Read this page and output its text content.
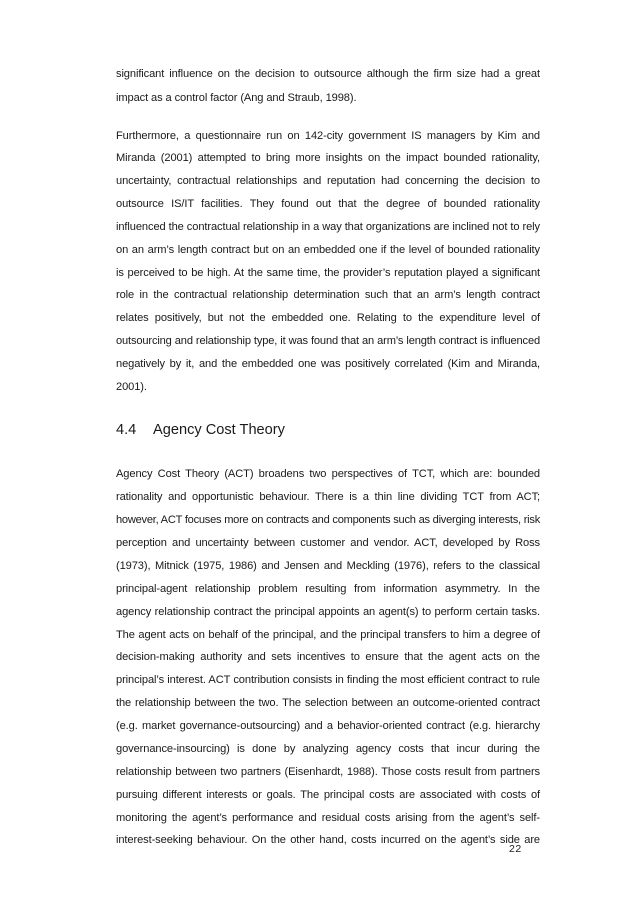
significant influence on the decision to outsource although the firm size had a great
impact as a control factor (Ang and Straub, 1998).
Furthermore, a questionnaire run on 142-city government IS managers by Kim and
Miranda (2001) attempted to bring more insights on the impact bounded rationality,
uncertainty, contractual relationships and reputation had concerning the decision to
outsource IS/IT facilities. They found out that the degree of bounded rationality
influenced the contractual relationship in a way that organizations are inclined not to rely
on an arm’s length contract but on an embedded one if the level of bounded rationality
is perceived to be high. At the same time, the provider’s reputation played a significant
role in the contractual relationship determination such that an arm’s length contract
relates positively, but not the embedded one. Relating to the expenditure level of
outsourcing and relationship type, it was found that an arm’s length contract is influenced
negatively by it, and the embedded one was positively correlated (Kim and Miranda,
2001).
4.4 Agency Cost Theory
Agency Cost Theory (ACT) broadens two perspectives of TCT, which are: bounded
rationality and opportunistic behaviour. There is a thin line dividing TCT from ACT;
however, ACT focuses more on contracts and components such as diverging interests, risk
perception and uncertainty between customer and vendor. ACT, developed by Ross
(1973), Mitnick (1975, 1986) and Jensen and Meckling (1976), refers to the classical
principal-agent relationship problem resulting from information asymmetry. In the
agency relationship contract the principal appoints an agent(s) to perform certain tasks.
The agent acts on behalf of the principal, and the principal transfers to him a degree of
decision-making authority and sets incentives to ensure that the agent acts on the
principal’s interest. ACT contribution consists in finding the most efficient contract to rule
the relationship between the two. The selection between an outcome-oriented contract
(e.g. market governance-outsourcing) and a behavior-oriented contract (e.g. hierarchy
governance-insourcing) is done by analyzing agency costs that incur during the
relationship between two partners (Eisenhardt, 1988). Those costs result from partners
pursuing different interests or goals. The principal costs are associated with costs of
monitoring the agent’s performance and residual costs arising from the agent’s self-
interest-seeking behaviour. On the other hand, costs incurred on the agent’s side are
22
